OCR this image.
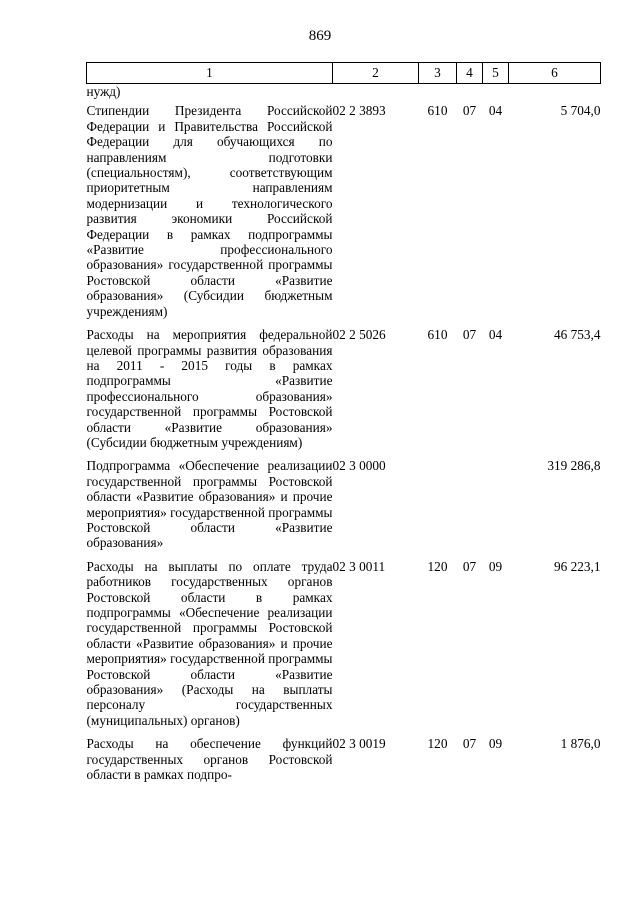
869
1	2	3	4	5	6
нужд)					
Стипендии Президента Российской Федерации и Правительства Российской Федерации для обучающихся по направлениям подготовки (специальностям), соответствующим приоритетным направлениям модернизации и технологического развития экономики Российской Федерации в рамках подпрограммы «Развитие профессионального образования» государственной программы Ростовской области «Развитие образования» (Субсидии бюджетным учреждениям)	02 2 3893	610	07	04	5 704,0
Расходы на мероприятия федеральной целевой программы развития образования на 2011 - 2015 годы в рамках подпрограммы «Развитие профессионального образования» государственной программы Ростовской области «Развитие образования» (Субсидии бюджетным учреждениям)	02 2 5026	610	07	04	46 753,4
Подпрограмма «Обеспечение реализации государственной программы Ростовской области «Развитие образования» и прочие мероприятия» государственной программы Ростовской области «Развитие образования»	02 3 0000				319 286,8
Расходы на выплаты по оплате труда работников государственных органов Ростовской области в рамках подпрограммы «Обеспечение реализации государственной программы Ростовской области «Развитие образования» и прочие мероприятия» государственной программы Ростовской области «Развитие образования» (Расходы на выплаты персоналу государственных (муниципальных) органов)	02 3 0011	120	07	09	96 223,1
Расходы на обеспечение функций государственных органов Ростовской области в рамках подпро-	02 3 0019	120	07	09	1 876,0
